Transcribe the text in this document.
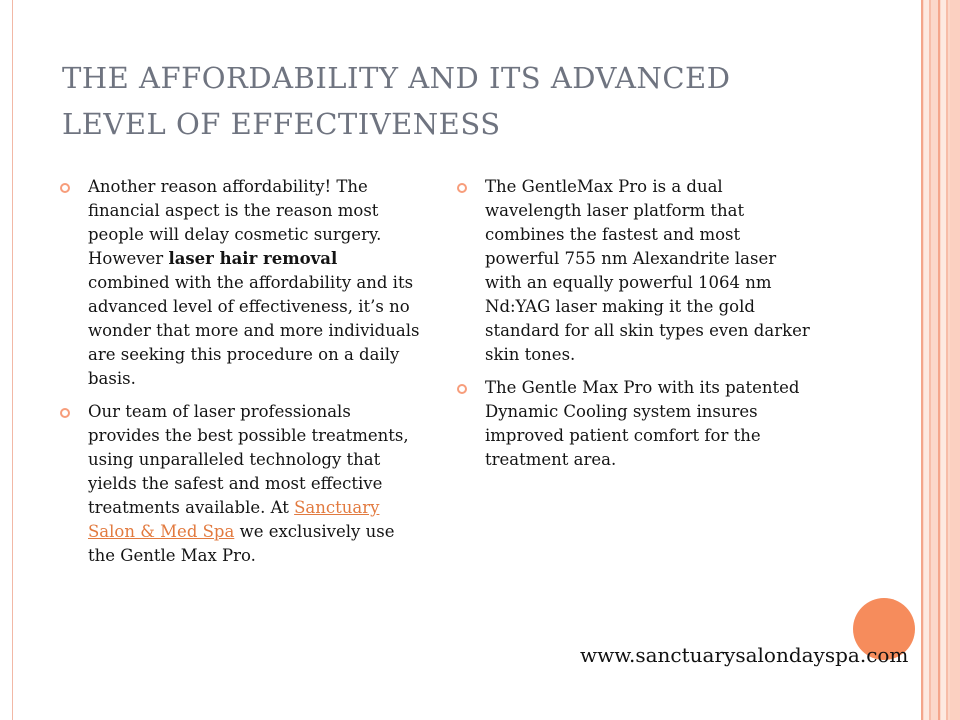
THE AFFORDABILITY AND ITS ADVANCED
LEVEL OF EFFECTIVENESS
Another reason affordability! The financial aspect is the reason most people will delay cosmetic surgery. However laser hair removal combined with the affordability and its advanced level of effectiveness, it’s no wonder that more and more individuals are seeking this procedure on a daily basis.
Our team of laser professionals provides the best possible treatments, using unparalleled technology that yields the safest and most effective treatments available. At Sanctuary Salon & Med Spa we exclusively use the Gentle Max Pro.
The GentleMax Pro is a dual wavelength laser platform that combines the fastest and most powerful 755 nm Alexandrite laser with an equally powerful 1064 nm Nd:YAG laser making it the gold standard for all skin types even darker skin tones.
The Gentle Max Pro with its patented Dynamic Cooling system insures improved patient comfort for the treatment area.
www.sanctuarysalondayspa.com
